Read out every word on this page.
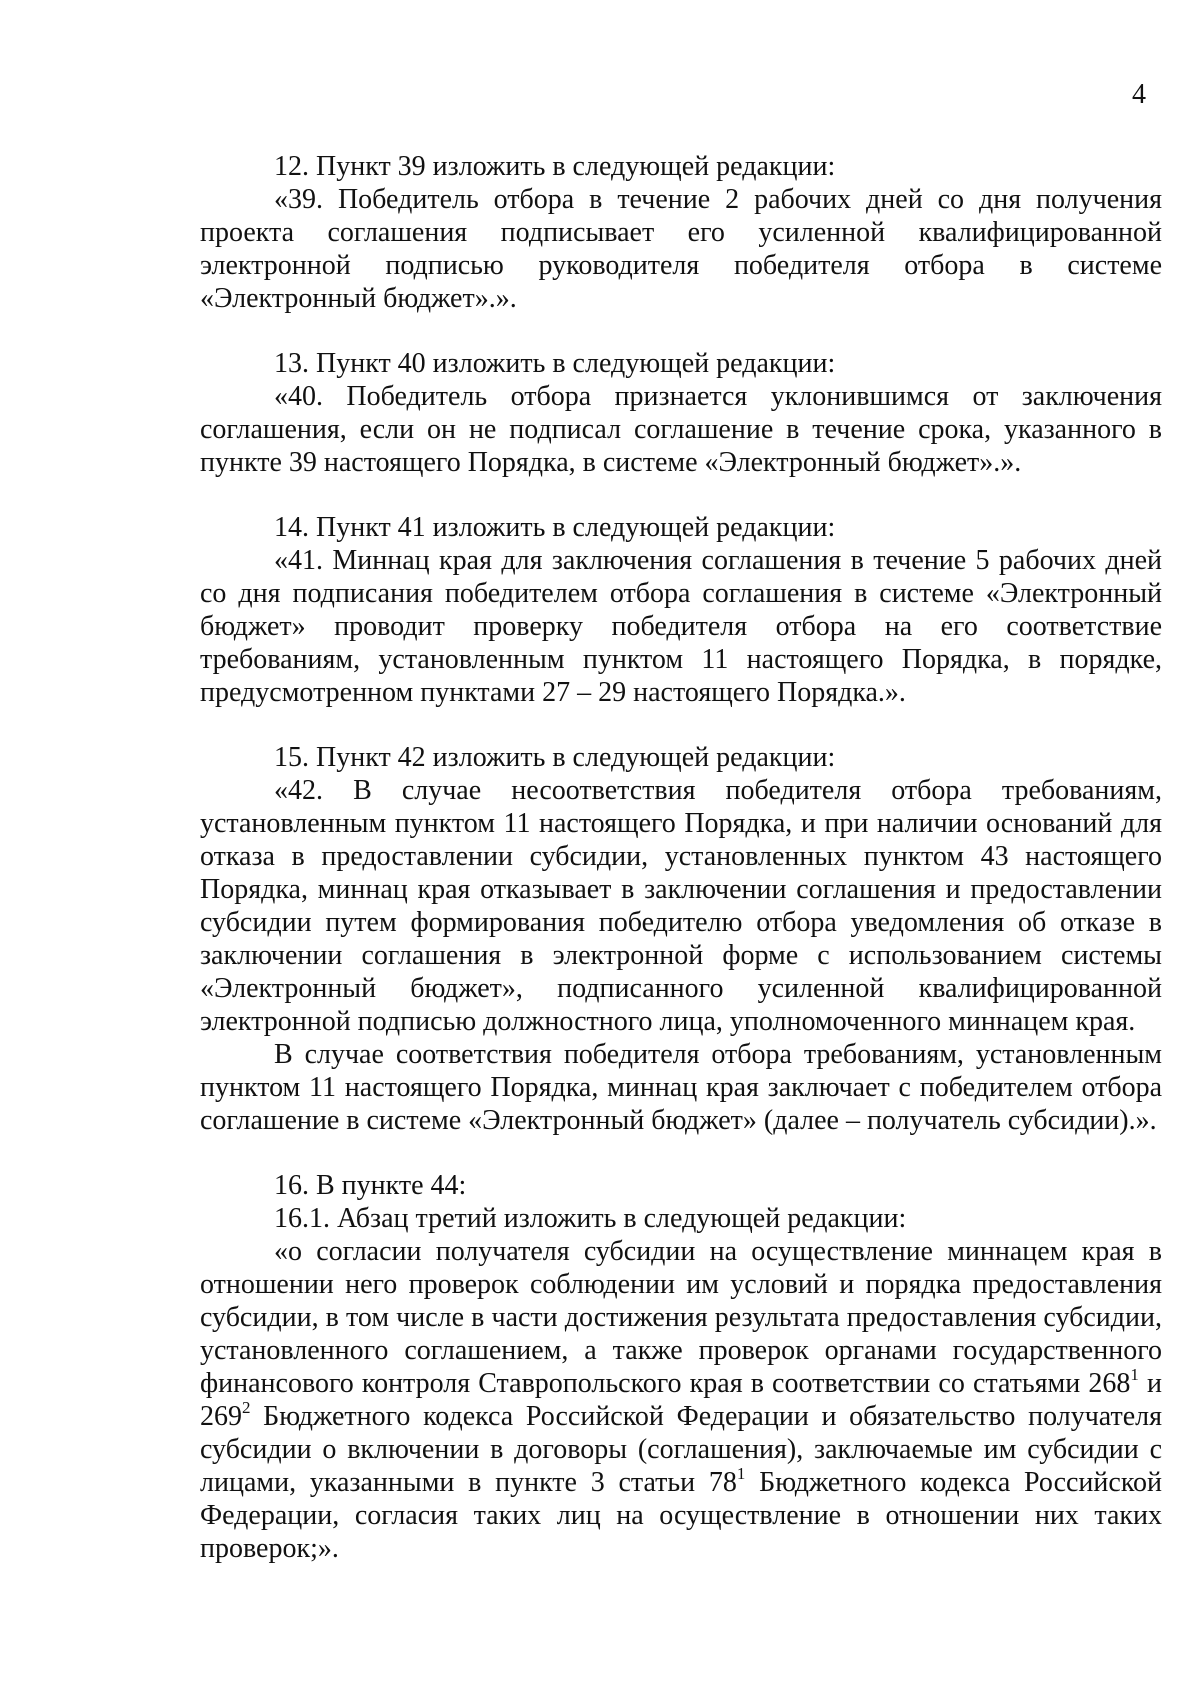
4

12. Пункт 39 изложить в следующей редакции:

«39. Победитель отбора в течение 2 рабочих дней со дня получения проекта соглашения подписывает его усиленной квалифицированной электронной подписью руководителя победителя отбора в системе «Электронный бюджет».».

13. Пункт 40 изложить в следующей редакции:

«40. Победитель отбора признается уклонившимся от заключения соглашения, если он не подписал соглашение в течение срока, указанного в пункте 39 настоящего Порядка, в системе «Электронный бюджет».».

14. Пункт 41 изложить в следующей редакции:

«41. Миннац края для заключения соглашения в течение 5 рабочих дней со дня подписания победителем отбора соглашения в системе «Электронный бюджет» проводит проверку победителя отбора на его соответствие требованиям, установленным пунктом 11 настоящего Порядка, в порядке, предусмотренном пунктами 27 – 29 настоящего Порядка.».

15. Пункт 42 изложить в следующей редакции:

«42. В случае несоответствия победителя отбора требованиям, установленным пунктом 11 настоящего Порядка, и при наличии оснований для отказа в предоставлении субсидии, установленных пунктом 43 настоящего Порядка, миннац края отказывает в заключении соглашения и предоставлении субсидии путем формирования победителю отбора уведомления об отказе в заключении соглашения в электронной форме с использованием системы «Электронный бюджет», подписанного усиленной квалифицированной электронной подписью должностного лица, уполномоченного миннацем края.

В случае соответствия победителя отбора требованиям, установленным пунктом 11 настоящего Порядка, миннац края заключает с победителем отбора соглашение в системе «Электронный бюджет» (далее – получатель субсидии).».

16. В пункте 44:

16.1. Абзац третий изложить в следующей редакции:

«о согласии получателя субсидии на осуществление миннацем края в отношении него проверок соблюдении им условий и порядка предоставления субсидии, в том числе в части достижения результата предоставления субсидии, установленного соглашением, а также проверок органами государственного финансового контроля Ставропольского края в соответствии со статьями $268^1$ и $269^2$ Бюджетного кодекса Российской Федерации и обязательство получателя субсидии о включении в договоры (соглашения), заключаемые им субсидии с лицами, указанными в пункте 3 статьи $78^1$ Бюджетного кодекса Российской Федерации, согласия таких лиц на осуществление в отношении них таких проверок;».
